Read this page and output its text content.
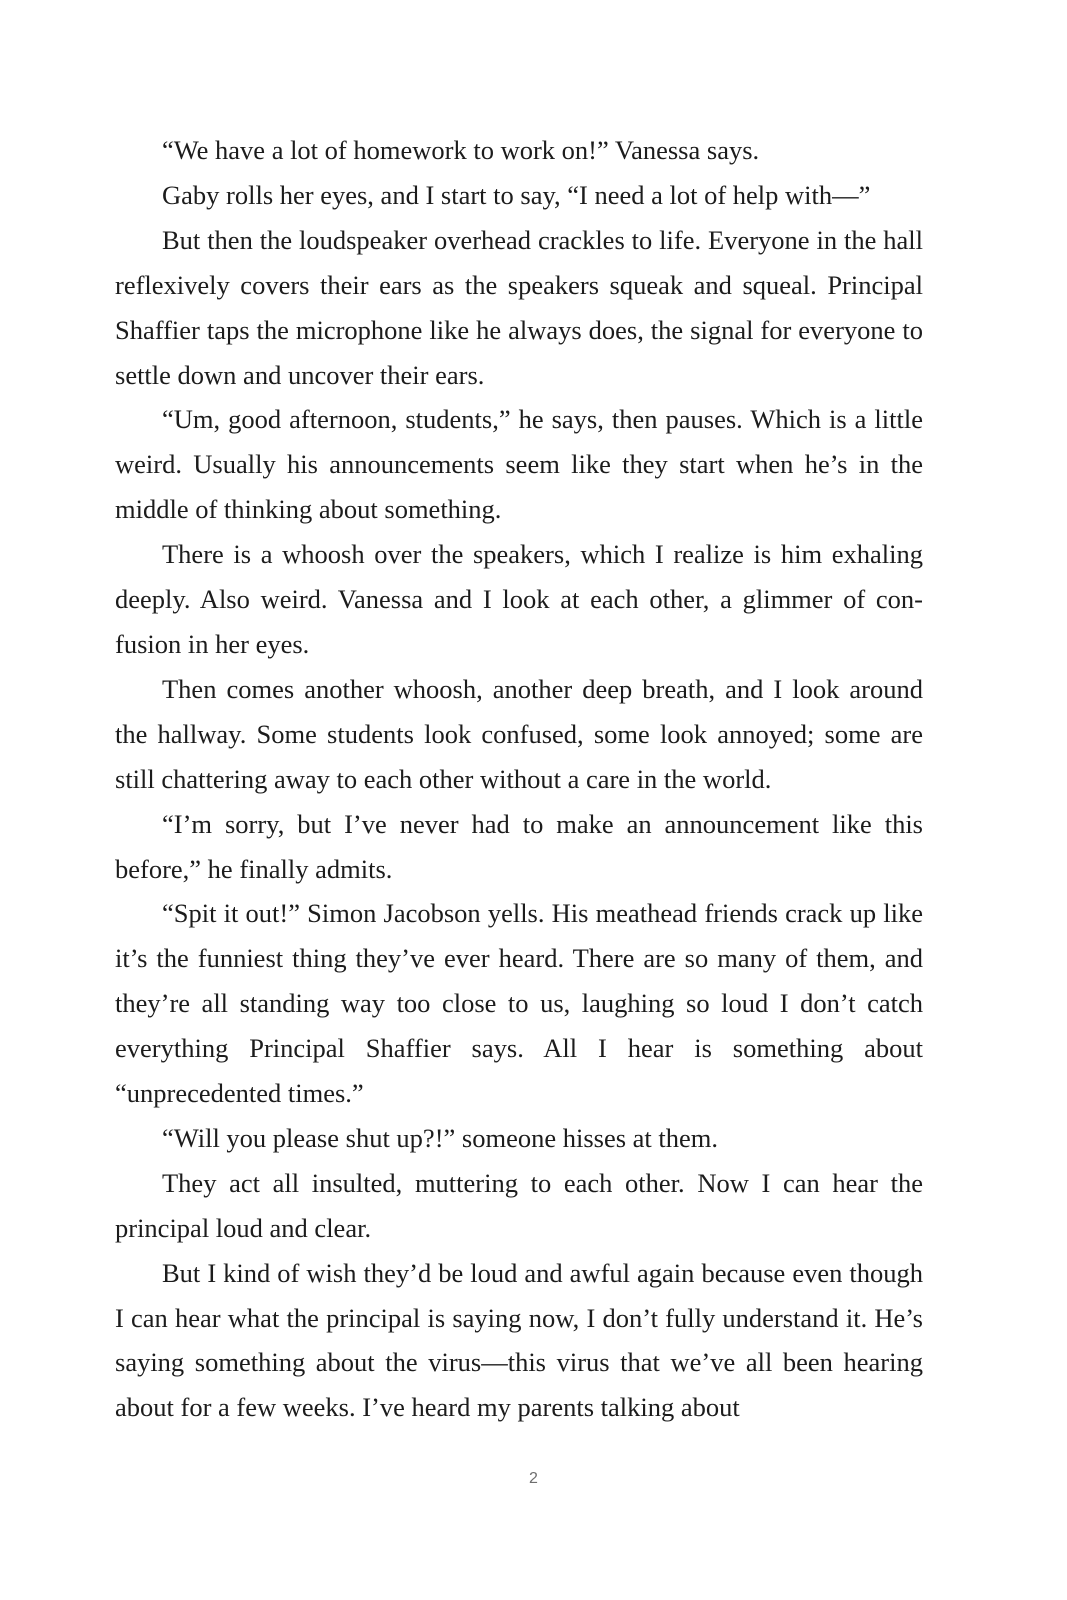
“We have a lot of homework to work on!” Vanessa says.

Gaby rolls her eyes, and I start to say, “I need a lot of help with—”

But then the loudspeaker overhead crackles to life. Everyone in the hall reflexively covers their ears as the speakers squeak and squeal. Principal Shaffier taps the microphone like he always does, the signal for everyone to settle down and uncover their ears.

“Um, good afternoon, students,” he says, then pauses. Which is a little weird. Usually his announcements seem like they start when he’s in the middle of thinking about something.

There is a whoosh over the speakers, which I realize is him exhaling deeply. Also weird. Vanessa and I look at each other, a glimmer of confusion in her eyes.

Then comes another whoosh, another deep breath, and I look around the hallway. Some students look confused, some look annoyed; some are still chattering away to each other without a care in the world.

“I’m sorry, but I’ve never had to make an announcement like this before,” he finally admits.

“Spit it out!” Simon Jacobson yells. His meathead friends crack up like it’s the funniest thing they’ve ever heard. There are so many of them, and they’re all standing way too close to us, laughing so loud I don’t catch everything Principal Shaffier says. All I hear is something about “unprecedented times.”

“Will you please shut up?!” someone hisses at them.

They act all insulted, muttering to each other. Now I can hear the principal loud and clear.

But I kind of wish they’d be loud and awful again because even though I can hear what the principal is saying now, I don’t fully understand it. He’s saying something about the virus—this virus that we’ve all been hearing about for a few weeks. I’ve heard my parents talking about

2
